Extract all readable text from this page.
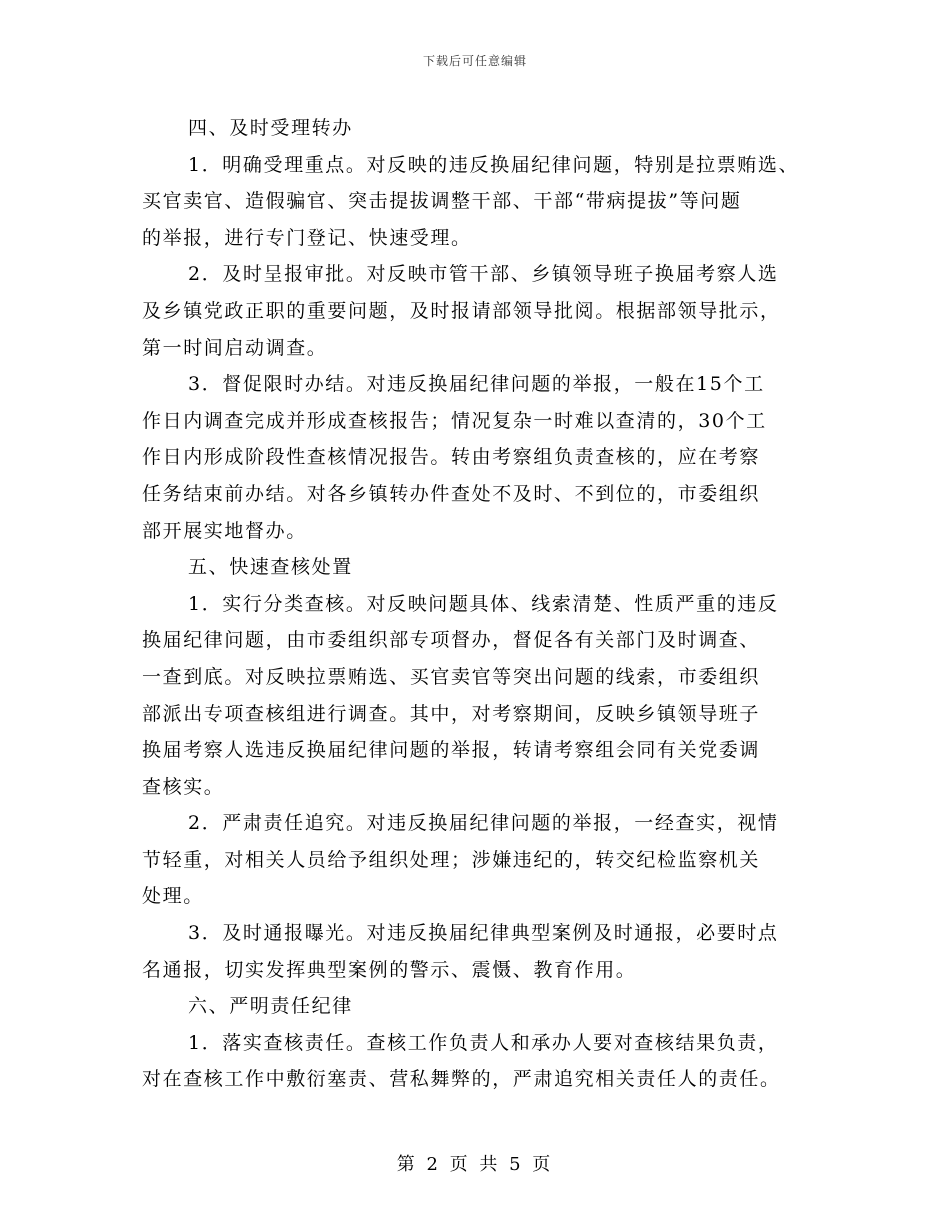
下载后可任意编辑
四、及时受理转办
1．明确受理重点。对反映的违反换届纪律问题，特别是拉票贿选、
买官卖官、造假骗官、突击提拔调整干部、干部“带病提拔”等问题
的举报，进行专门登记、快速受理。
2．及时呈报审批。对反映市管干部、乡镇领导班子换届考察人选
及乡镇党政正职的重要问题，及时报请部领导批阅。根据部领导批示，
第一时间启动调查。
3．督促限时办结。对违反换届纪律问题的举报，一般在15个工
作日内调查完成并形成查核报告；情况复杂一时难以查清的，30个工
作日内形成阶段性查核情况报告。转由考察组负责查核的，应在考察
任务结束前办结。对各乡镇转办件查处不及时、不到位的，市委组织
部开展实地督办。
五、快速查核处置
1．实行分类查核。对反映问题具体、线索清楚、性质严重的违反
换届纪律问题，由市委组织部专项督办，督促各有关部门及时调查、
一查到底。对反映拉票贿选、买官卖官等突出问题的线索，市委组织
部派出专项查核组进行调查。其中，对考察期间，反映乡镇领导班子
换届考察人选违反换届纪律问题的举报，转请考察组会同有关党委调
查核实。
2．严肃责任追究。对违反换届纪律问题的举报，一经查实，视情
节轻重，对相关人员给予组织处理；涉嫌违纪的，转交纪检监察机关
处理。
3．及时通报曝光。对违反换届纪律典型案例及时通报，必要时点
名通报，切实发挥典型案例的警示、震慑、教育作用。
六、严明责任纪律
1．落实查核责任。查核工作负责人和承办人要对查核结果负责，
对在查核工作中敷衍塞责、营私舞弊的，严肃追究相关责任人的责任。
第 2 页 共 5 页
